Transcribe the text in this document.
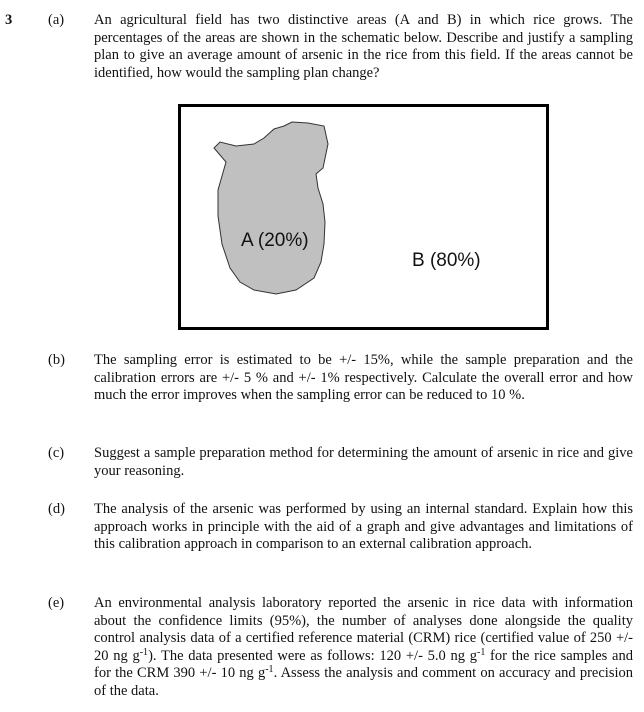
3 (a) An agricultural field has two distinctive areas (A and B) in which rice grows. The percentages of the areas are shown in the schematic below. Describe and justify a sampling plan to give an average amount of arsenic in the rice from this field. If the areas cannot be identified, how would the sampling plan change?
A (20%)
B (80%)
(b) The sampling error is estimated to be +/- 15%, while the sample preparation and the calibration errors are +/- 5 % and +/- 1% respectively. Calculate the overall error and how much the error improves when the sampling error can be reduced to 10 %.
(c) Suggest a sample preparation method for determining the amount of arsenic in rice and give your reasoning.
(d) The analysis of the arsenic was performed by using an internal standard. Explain how this approach works in principle with the aid of a graph and give advantages and limitations of this calibration approach in comparison to an external calibration approach.
(e) An environmental analysis laboratory reported the arsenic in rice data with information about the confidence limits (95%), the number of analyses done alongside the quality control analysis data of a certified reference material (CRM) rice (certified value of 250 +/- 20 ng $g^{-1}$). The data presented were as follows: 120 +/- 5.0 ng $g^{-1}$ for the rice samples and for the CRM 390 +/- 10 ng $g^{-1}$. Assess the analysis and comment on accuracy and precision of the data.
